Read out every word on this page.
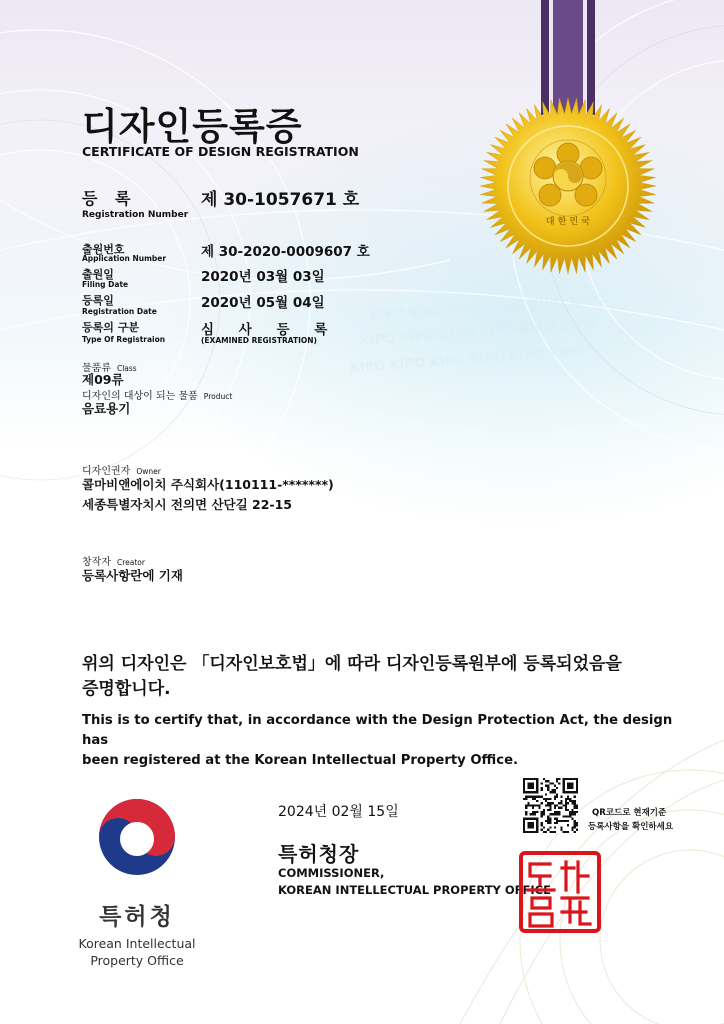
KIPO KIPO KIPO KIPO KIPO KIPO
KIPO KIPO KIPO KIPO KIPO KIPO
KIPO KIPO KIPO KIPO KIPO KIPO
대 한 민 국
디자인등록증
CERTIFICATE OF DESIGN REGISTRATION
등 록
Registration Number
제 30-1057671 호
출원번호
Application Number	제 30-2020-0009607 호
출원일
Filing Date	2020년 03월 03일
등록일
Registration Date
2020년 05월 04일
등록의 구분
Type Of Registraion
심 사 등 록
(EXAMINED REGISTRATION)
물품류 Class
제09류
디자인의 대상이 되는 물품 Product
음료용기
디자인권자 Owner
콜마비앤에이치 주식회사(110111-*******)
세종특별자치시 전의면 산단길 22-15
창작자 Creator
등록사항란에 기재
위의 디자인은 「디자인보호법」에 따라 디자인등록원부에 등록되었음을
증명합니다.
This is to certify that, in accordance with the Design Protection Act, the design has
been registered at the Korean Intellectual Property Office.
2024년 02월 15일
특허청장
COMMISSIONER,
KOREAN INTELLECTUAL PROPERTY OFFICE
QR코드로 현재기준
등록사항을 확인하세요
특허청
Korean Intellectual
Property Office
